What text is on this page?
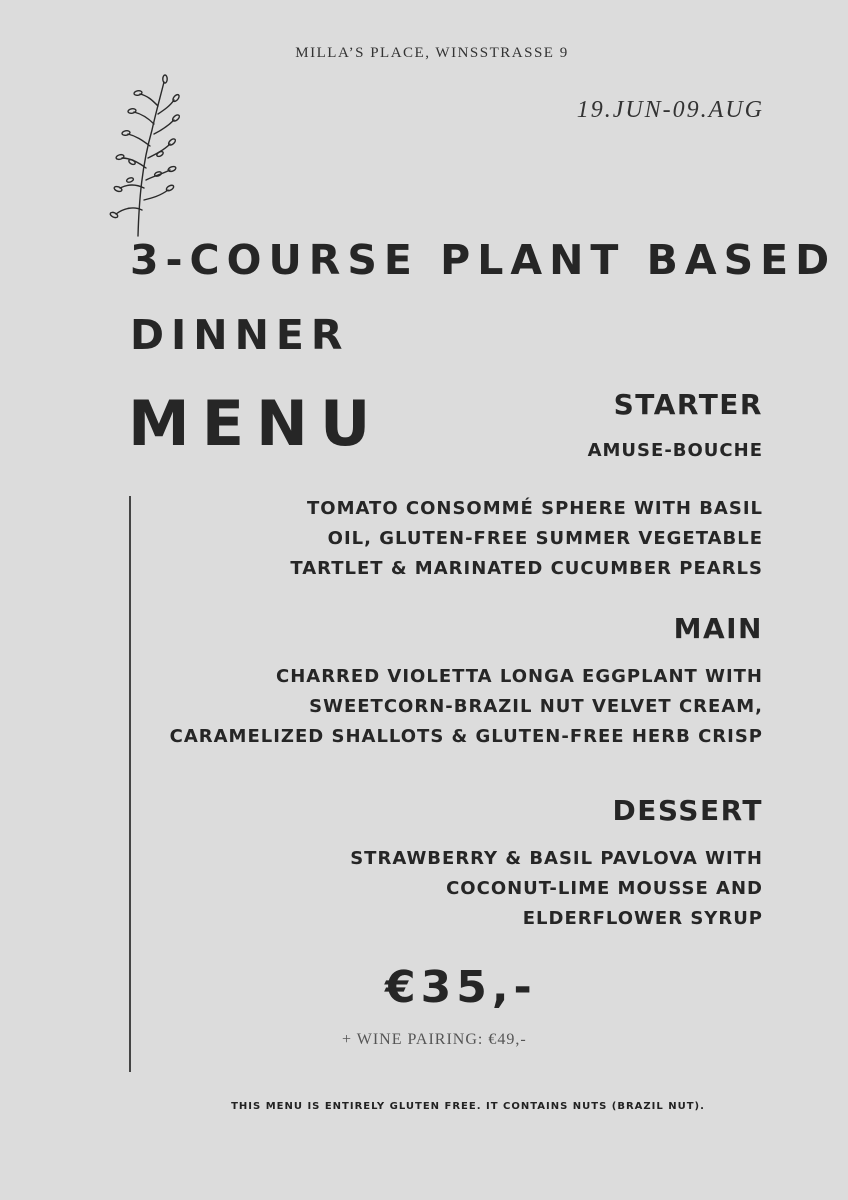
MILLA’S PLACE, WINSSTRASSE 9
19.JUN-09.AUG
3-COURSE PLANT BASED
DINNER
MENU	STARTER
AMUSE-BOUCHE
TOMATO CONSOMMÉ SPHERE WITH BASIL
OIL, GLUTEN-FREE SUMMER VEGETABLE
TARTLET & MARINATED CUCUMBER PEARLS
MAIN
CHARRED VIOLETTA LONGA EGGPLANT WITH
SWEETCORN-BRAZIL NUT VELVET CREAM,
CARAMELIZED SHALLOTS & GLUTEN-FREE HERB CRISP
DESSERT
STRAWBERRY & BASIL PAVLOVA WITH
COCONUT-LIME MOUSSE AND
ELDERFLOWER SYRUP
€35,-
+ WINE PAIRING: €49,-
THIS MENU IS ENTIRELY GLUTEN FREE. IT CONTAINS NUTS (BRAZIL NUT).
